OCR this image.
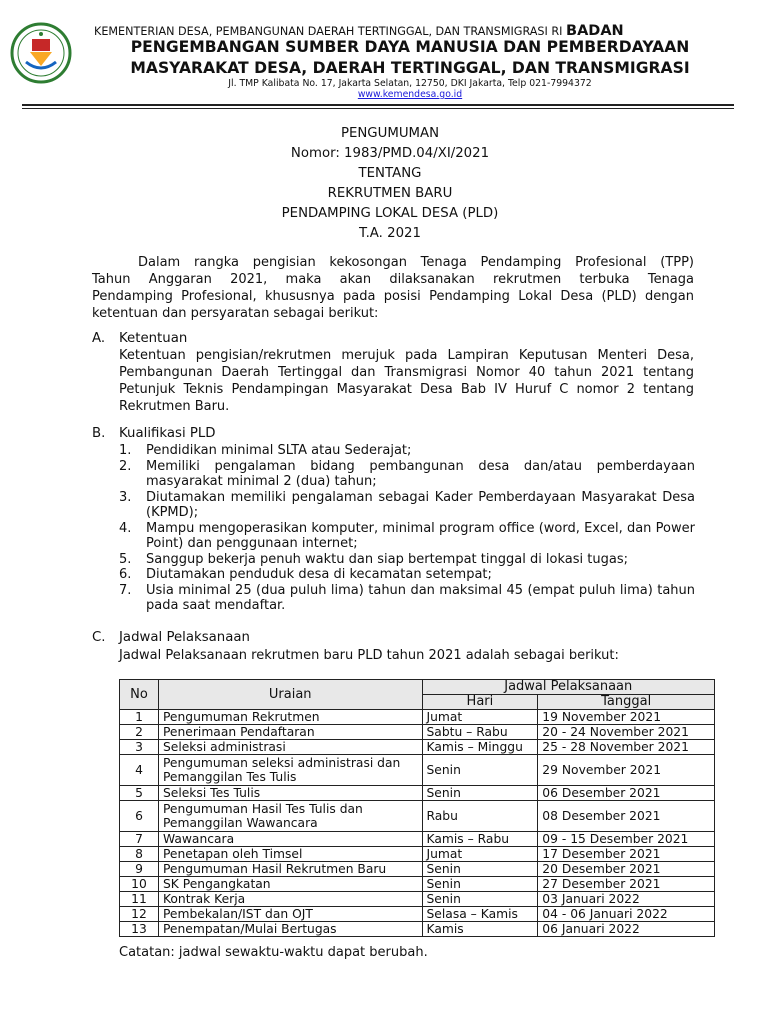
KEMENTERIAN DESA, PEMBANGUNAN DAERAH TERTINGGAL, DAN TRANSMIGRASI RI BADAN
PENGEMBANGAN SUMBER DAYA MANUSIA DAN PEMBERDAYAAN
MASYARAKAT DESA, DAERAH TERTINGGAL, DAN TRANSMIGRASI
Jl. TMP Kalibata No. 17, Jakarta Selatan, 12750, DKI Jakarta, Telp 021-7994372
www.kemendesa.go.id
PENGUMUMAN
Nomor: 1983/PMD.04/XI/2021
TENTANG
REKRUTMEN BARU
PENDAMPING LOKAL DESA (PLD)
T.A. 2021
Dalam rangka pengisian kekosongan Tenaga Pendamping Profesional (TPP)
Tahun Anggaran 2021, maka akan dilaksanakan rekrutmen terbuka Tenaga
Pendamping Profesional, khususnya pada posisi Pendamping Lokal Desa (PLD) dengan
ketentuan dan persyaratan sebagai berikut:
A. Ketentuan
Ketentuan pengisian/rekrutmen merujuk pada Lampiran Keputusan Menteri Desa,
Pembangunan Daerah Tertinggal dan Transmigrasi Nomor 40 tahun 2021 tentang
Petunjuk Teknis Pendampingan Masyarakat Desa Bab IV Huruf C nomor 2 tentang
Rekrutmen Baru.
B. Kualifikasi PLD
1. Pendidikan minimal SLTA atau Sederajat;
2. Memiliki pengalaman bidang pembangunan desa dan/atau pemberdayaan masyarakat minimal 2 (dua) tahun;
3. Diutamakan memiliki pengalaman sebagai Kader Pemberdayaan Masyarakat Desa (KPMD);
4. Mampu mengoperasikan komputer, minimal program office (word, Excel, dan Power Point) dan penggunaan internet;
5. Sanggup bekerja penuh waktu dan siap bertempat tinggal di lokasi tugas;
6. Diutamakan penduduk desa di kecamatan setempat;
7. Usia minimal 25 (dua puluh lima) tahun dan maksimal 45 (empat puluh lima) tahun pada saat mendaftar.
C. Jadwal Pelaksanaan
Jadwal Pelaksanaan rekrutmen baru PLD tahun 2021 adalah sebagai berikut:
No	Uraian	Jadwal Pelaksanaan	
		Hari	Tanggal
1	Pengumuman Rekrutmen	Jumat	19 November 2021
2	Penerimaan Pendaftaran	Sabtu – Rabu	20 - 24 November 2021
3	Seleksi administrasi	Kamis – Minggu	25 - 28 November 2021
4	Pengumuman seleksi administrasi dan Pemanggilan Tes Tulis	Senin	29 November 2021
5	Seleksi Tes Tulis	Senin	06 Desember 2021
6	Pengumuman Hasil Tes Tulis dan Pemanggilan Wawancara	Rabu	08 Desember 2021
7	Wawancara	Kamis – Rabu	09 - 15 Desember 2021
8	Penetapan oleh Timsel	Jumat	17 Desember 2021
9	Pengumuman Hasil Rekrutmen Baru	Senin	20 Desember 2021
10	SK Pengangkatan	Senin	27 Desember 2021
11	Kontrak Kerja	Senin	03 Januari 2022
12	Pembekalan/IST dan OJT	Selasa – Kamis	04 - 06 Januari 2022
13	Penempatan/Mulai Bertugas	Kamis	06 Januari 2022
Catatan: jadwal sewaktu-waktu dapat berubah.
